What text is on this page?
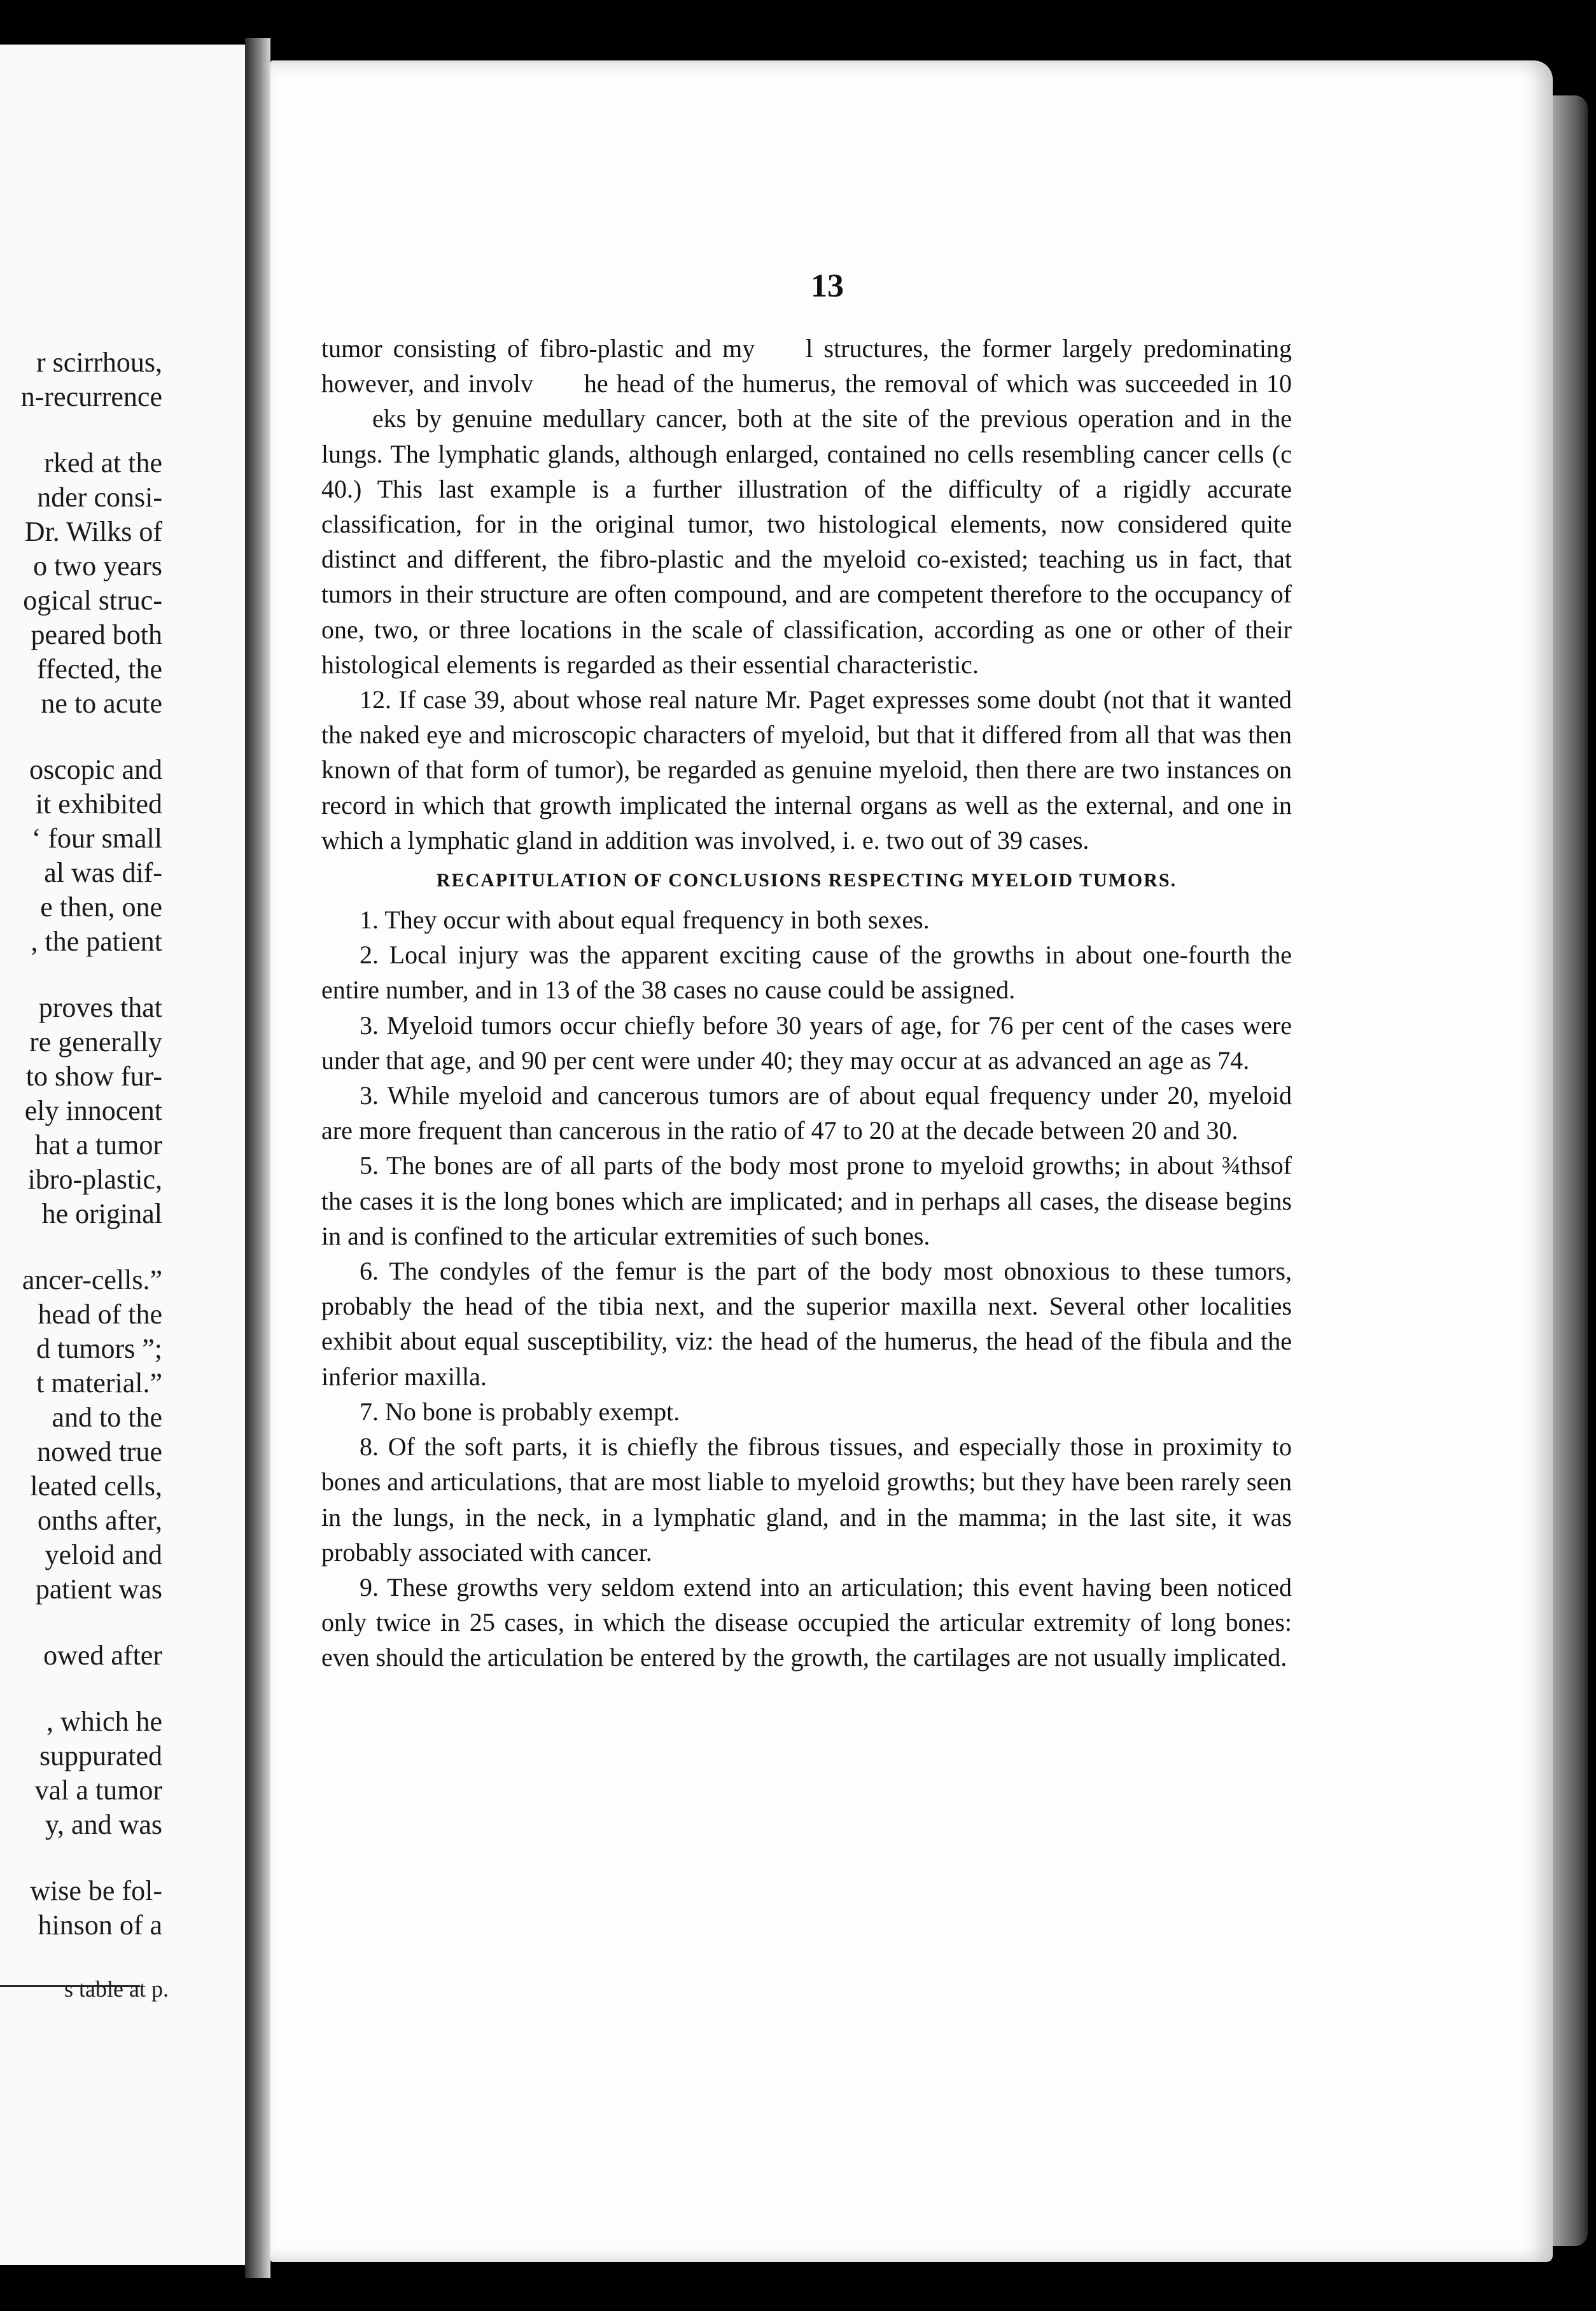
r scirrhous,
n-recurrence
rked at the
nder consi-
Dr. Wilks of
o two years
ogical struc-
peared both
ffected, the
ne to acute
oscopic and
it exhibited
‘ four small
al was dif-
e then, one
, the patient
proves that
re generally
to show fur-
ely innocent
hat a tumor
ibro-plastic,
he original
ancer-cells.”
head of the
d tumors ”;
t material.”
and to the
nowed true
leated cells,
onths after,
yeloid and
patient was
owed after
, which he
suppurated
val a tumor
y, and was
wise be fol-
hinson of a
s table at p.
13

tumor consisting of fibro-plastic and my  l structures, the former largely predominating however, and involv  he head of the humerus, the removal of which was succeeded in 10   eks by genuine medullary cancer, both at the site of the previous operation and in the lungs. The lymphatic glands, although enlarged, contained no cells resembling cancer cells (c 40.) This last example is a further illustration of the difficulty of a rigidly accurate classification, for in the original tumor, two histological elements, now considered quite distinct and different, the fibro-plastic and the myeloid co-existed; teaching us in fact, that tumors in their structure are often compound, and are competent therefore to the occupancy of one, two, or three locations in the scale of classification, according as one or other of their histological elements is regarded as their essential characteristic.

12. If case 39, about whose real nature Mr. Paget expresses some doubt (not that it wanted the naked eye and microscopic characters of myeloid, but that it differed from all that was then known of that form of tumor), be regarded as genuine myeloid, then there are two instances on record in which that growth implicated the internal organs as well as the external, and one in which a lymphatic gland in addition was involved, i. e. two out of 39 cases.

RECAPITULATION OF CONCLUSIONS RESPECTING MYELOID TUMORS.

1. They occur with about equal frequency in both sexes.

2. Local injury was the apparent exciting cause of the growths in about one-fourth the entire number, and in 13 of the 38 cases no cause could be assigned.

3. Myeloid tumors occur chiefly before 30 years of age, for 76 per cent of the cases were under that age, and 90 per cent were under 40; they may occur at as advanced an age as 74.

3. While myeloid and cancerous tumors are of about equal frequency under 20, myeloid are more frequent than cancerous in the ratio of 47 to 20 at the decade between 20 and 30.

5. The bones are of all parts of the body most prone to myeloid growths; in about ¾thsof the cases it is the long bones which are implicated; and in perhaps all cases, the disease begins in and is confined to the articular extremities of such bones.

6. The condyles of the femur is the part of the body most obnoxious to these tumors, probably the head of the tibia next, and the superior maxilla next. Several other localities exhibit about equal susceptibility, viz: the head of the humerus, the head of the fibula and the inferior maxilla.

7. No bone is probably exempt.

8. Of the soft parts, it is chiefly the fibrous tissues, and especially those in proximity to bones and articulations, that are most liable to myeloid growths; but they have been rarely seen in the lungs, in the neck, in a lymphatic gland, and in the mamma; in the last site, it was probably associated with cancer.

9. These growths very seldom extend into an articulation; this event having been noticed only twice in 25 cases, in which the disease occupied the articular extremity of long bones: even should the articulation be entered by the growth, the cartilages are not usually implicated.
